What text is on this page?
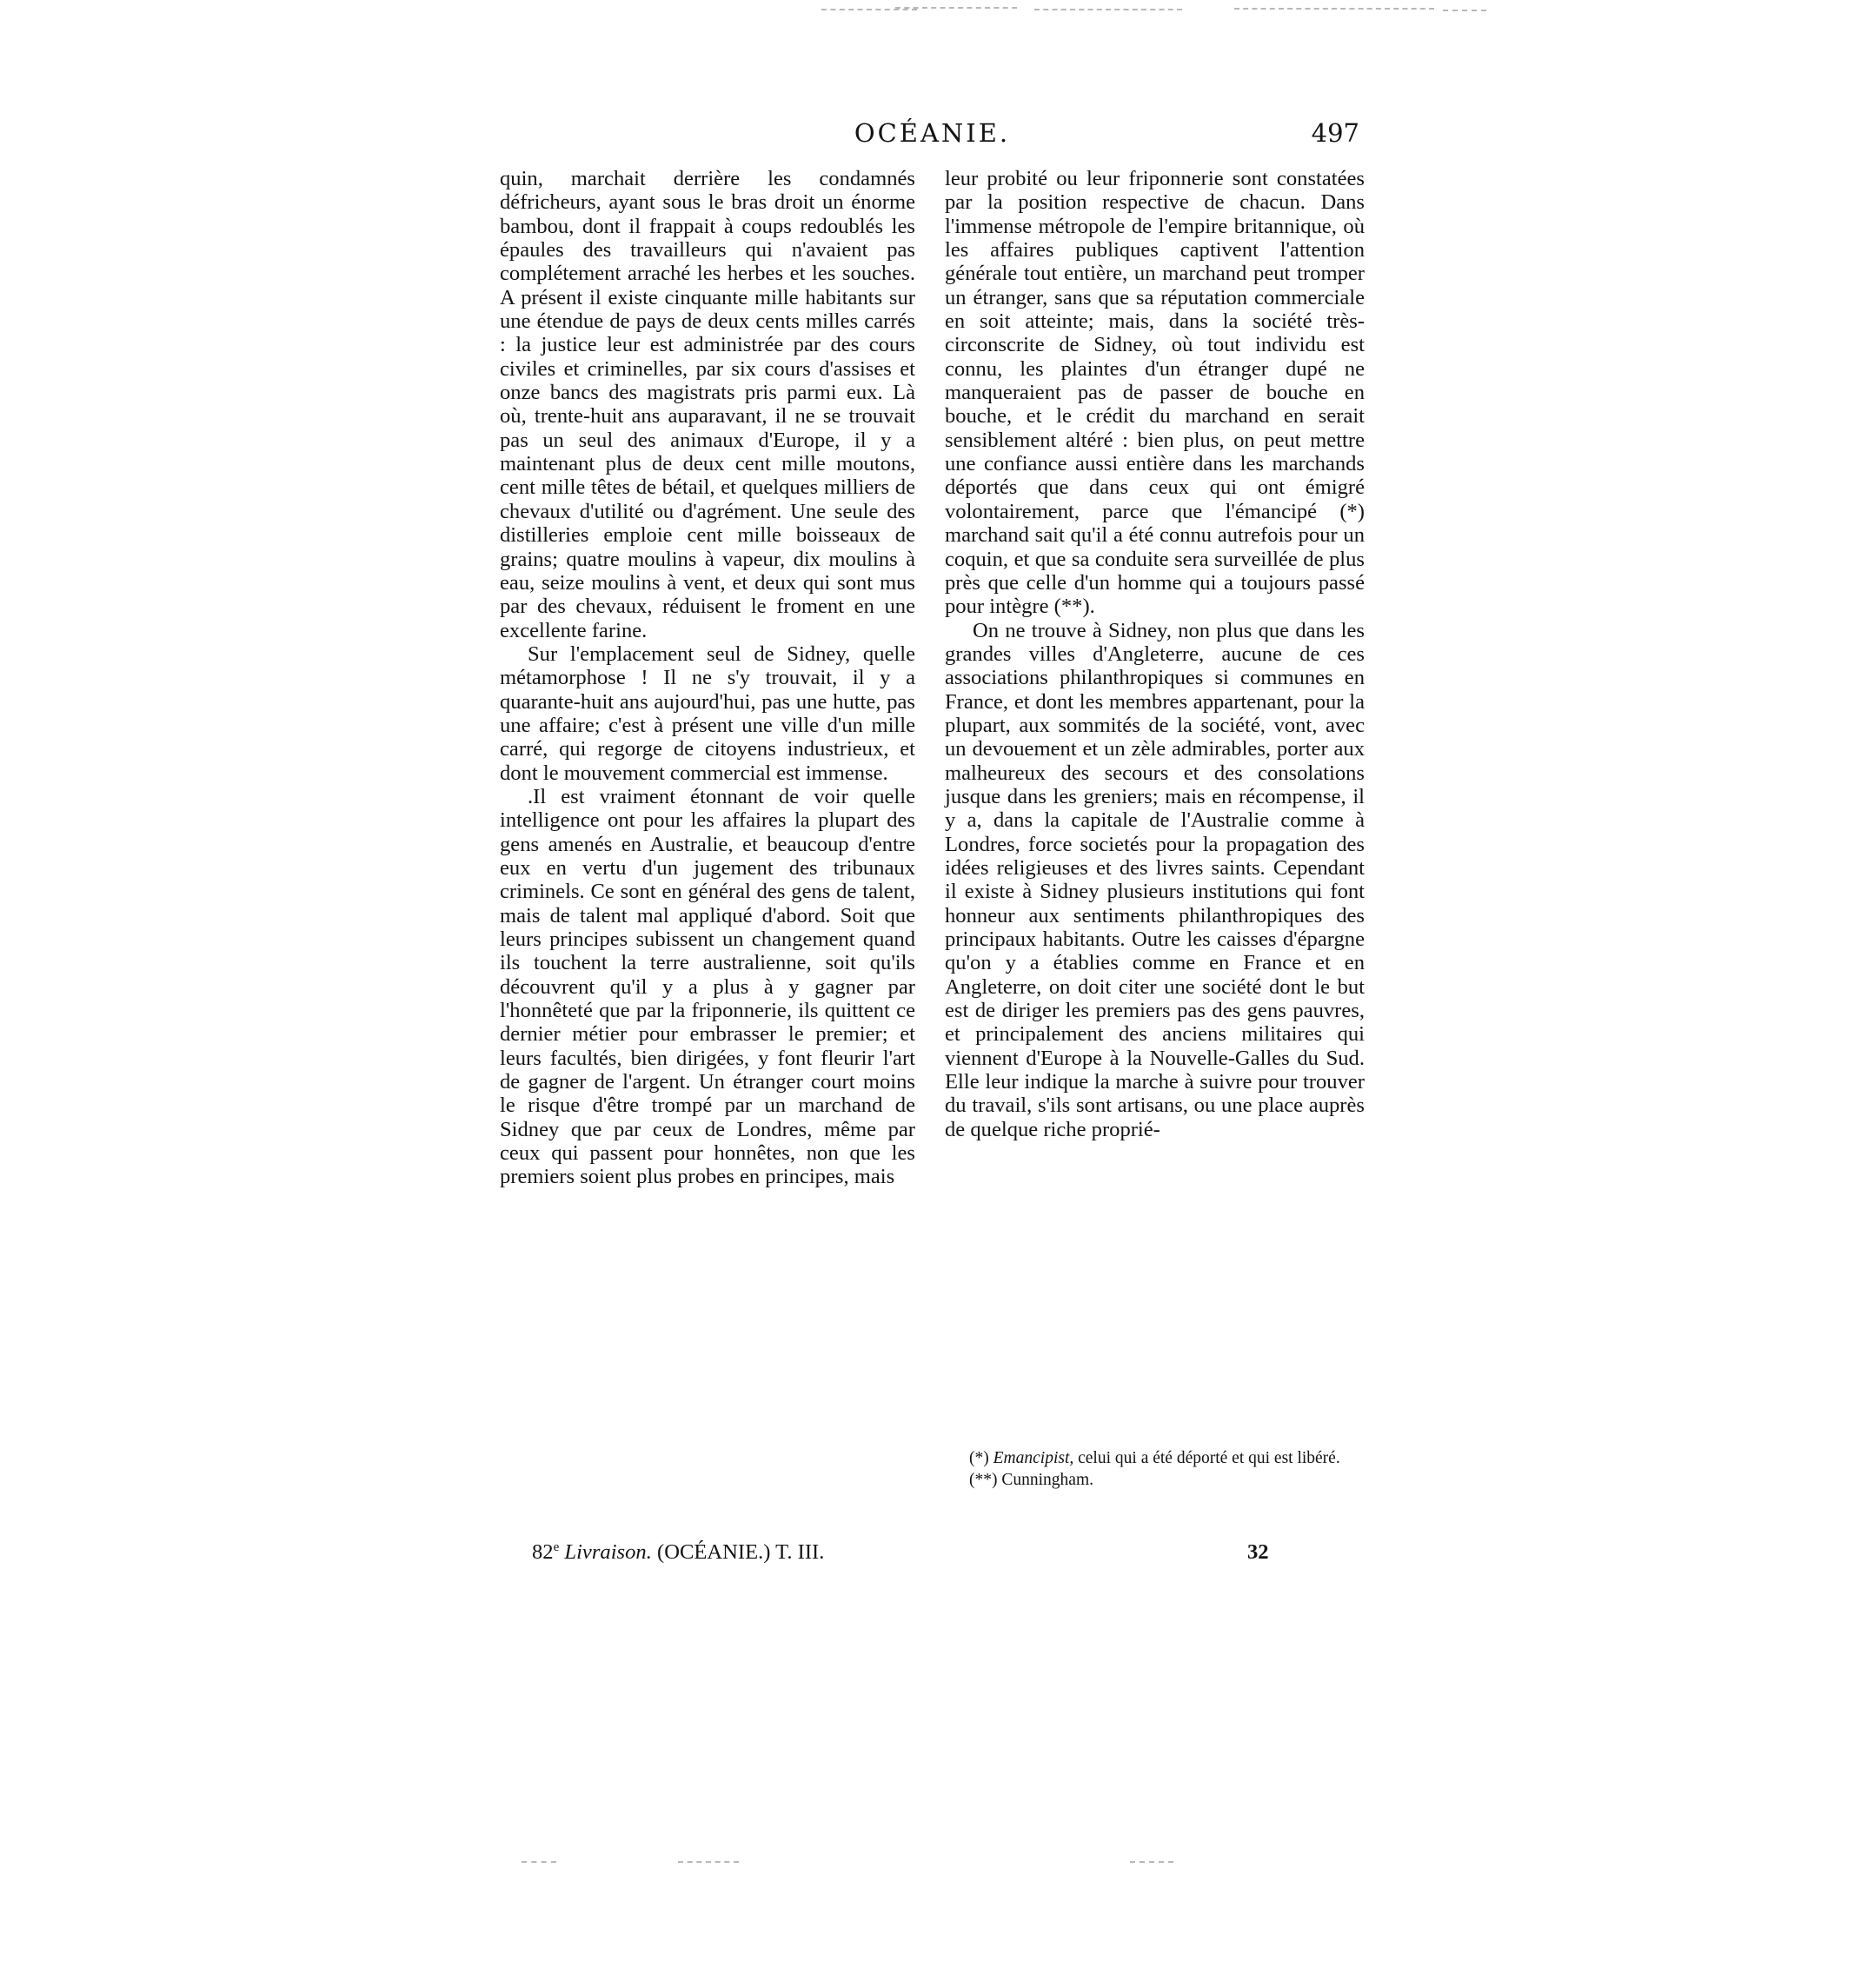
OCÉANIE.	497

quin, marchait derrière les condamnés défricheurs, ayant sous le bras droit un énorme bambou, dont il frappait à coups redoublés les épaules des travailleurs qui n'avaient pas complétement arraché les herbes et les souches. A présent il existe cinquante mille habitants sur une étendue de pays de deux cents milles carrés : la justice leur est administrée par des cours civiles et criminelles, par six cours d'assises et onze bancs des magistrats pris parmi eux. Là où, trente-huit ans auparavant, il ne se trouvait pas un seul des animaux d'Europe, il y a maintenant plus de deux cent mille moutons, cent mille têtes de bétail, et quelques milliers de chevaux d'utilité ou d'agrément. Une seule des distilleries emploie cent mille boisseaux de grains; quatre moulins à vapeur, dix moulins à eau, seize moulins à vent, et deux qui sont mus par des chevaux, réduisent le froment en une excellente farine.

Sur l'emplacement seul de Sidney, quelle métamorphose ! Il ne s'y trouvait, il y a quarante-huit ans aujourd'hui, pas une hutte, pas une affaire; c'est à présent une ville d'un mille carré, qui regorge de citoyens industrieux, et dont le mouvement commercial est immense.

.Il est vraiment étonnant de voir quelle intelligence ont pour les affaires la plupart des gens amenés en Australie, et beaucoup d'entre eux en vertu d'un jugement des tribunaux criminels. Ce sont en général des gens de talent, mais de talent mal appliqué d'abord. Soit que leurs principes subissent un changement quand ils touchent la terre australienne, soit qu'ils découvrent qu'il y a plus à y gagner par l'honnêteté que par la friponnerie, ils quittent ce dernier métier pour embrasser le premier; et leurs facultés, bien dirigées, y font fleurir l'art de gagner de l'argent. Un étranger court moins le risque d'être trompé par un marchand de Sidney que par ceux de Londres, même par ceux qui passent pour honnêtes, non que les premiers soient plus probes en principes, mais

leur probité ou leur friponnerie sont constatées par la position respective de chacun. Dans l'immense métropole de l'empire britannique, où les affaires publiques captivent l'attention générale tout entière, un marchand peut tromper un étranger, sans que sa réputation commerciale en soit atteinte; mais, dans la société très-circonscrite de Sidney, où tout individu est connu, les plaintes d'un étranger dupé ne manqueraient pas de passer de bouche en bouche, et le crédit du marchand en serait sensiblement altéré : bien plus, on peut mettre une confiance aussi entière dans les marchands déportés que dans ceux qui ont émigré volontairement, parce que l'émancipé (*) marchand sait qu'il a été connu autrefois pour un coquin, et que sa conduite sera surveillée de plus près que celle d'un homme qui a toujours passé pour intègre (**).

On ne trouve à Sidney, non plus que dans les grandes villes d'Angleterre, aucune de ces associations philanthropiques si communes en France, et dont les membres appartenant, pour la plupart, aux sommités de la société, vont, avec un devouement et un zèle admirables, porter aux malheureux des secours et des consolations jusque dans les greniers; mais en récompense, il y a, dans la capitale de l'Australie comme à Londres, force societés pour la propagation des idées religieuses et des livres saints. Cependant il existe à Sidney plusieurs institutions qui font honneur aux sentiments philanthropiques des principaux habitants. Outre les caisses d'épargne qu'on y a établies comme en France et en Angleterre, on doit citer une société dont le but est de diriger les premiers pas des gens pauvres, et principalement des anciens militaires qui viennent d'Europe à la Nouvelle-Galles du Sud. Elle leur indique la marche à suivre pour trouver du travail, s'ils sont artisans, ou une place auprès de quelque riche proprié-

(*) Emancipist, celui qui a été déporté et qui est libéré.

(**) Cunningham.

82e Livraison. (OCÉANIE.) T. III.	32
